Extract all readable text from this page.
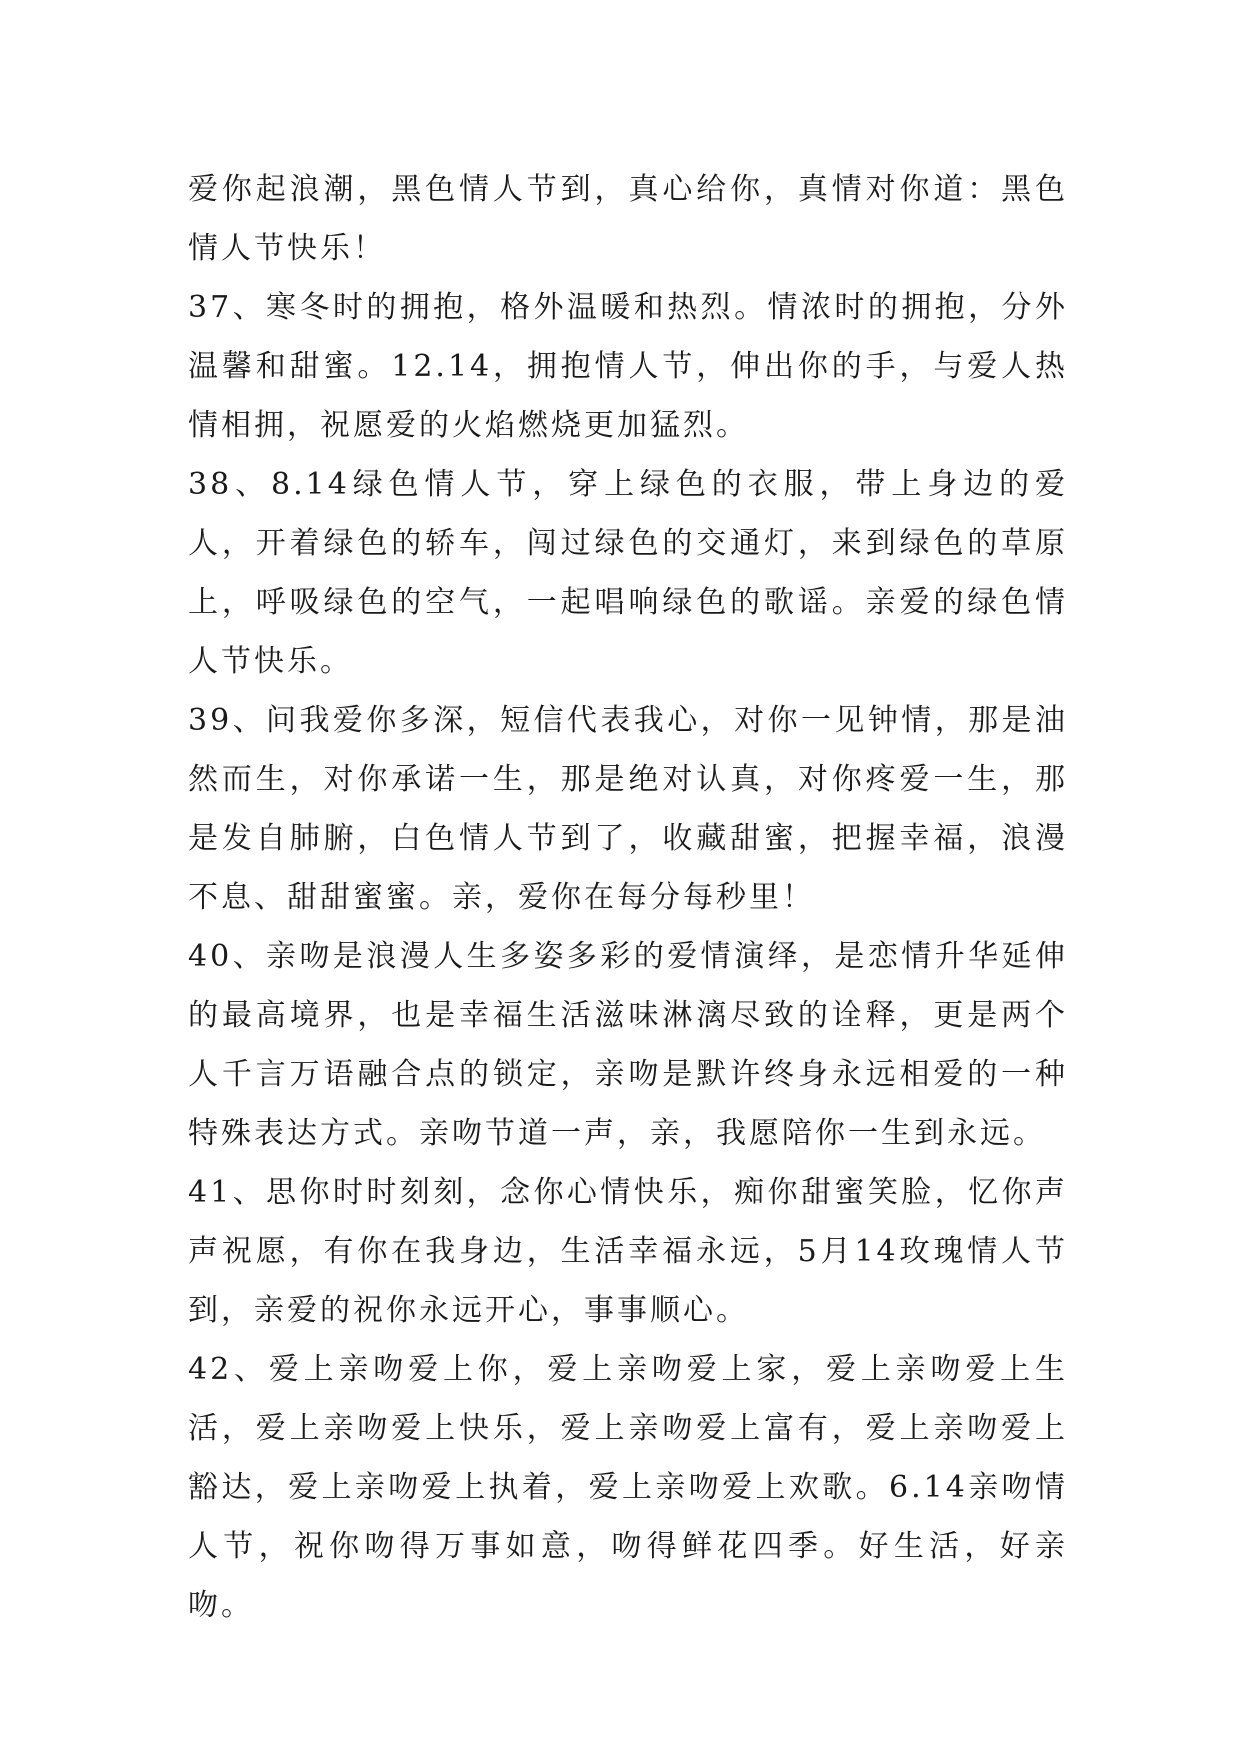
爱你起浪潮，黑色情人节到，真心给你，真情对你道：黑色情人节快乐！

37、寒冬时的拥抱，格外温暖和热烈。情浓时的拥抱，分外温馨和甜蜜。12.14，拥抱情人节，伸出你的手，与爱人热情相拥，祝愿爱的火焰燃烧更加猛烈。

38、8.14绿色情人节，穿上绿色的衣服，带上身边的爱人，开着绿色的轿车，闯过绿色的交通灯，来到绿色的草原上，呼吸绿色的空气，一起唱响绿色的歌谣。亲爱的绿色情人节快乐。

39、问我爱你多深，短信代表我心，对你一见钟情，那是油然而生，对你承诺一生，那是绝对认真，对你疼爱一生，那是发自肺腑，白色情人节到了，收藏甜蜜，把握幸福，浪漫不息、甜甜蜜蜜。亲，爱你在每分每秒里！

40、亲吻是浪漫人生多姿多彩的爱情演绎，是恋情升华延伸的最高境界，也是幸福生活滋味淋漓尽致的诠释，更是两个人千言万语融合点的锁定，亲吻是默许终身永远相爱的一种特殊表达方式。亲吻节道一声，亲，我愿陪你一生到永远。

41、思你时时刻刻，念你心情快乐，痴你甜蜜笑脸，忆你声声祝愿，有你在我身边，生活幸福永远，5月14玫瑰情人节到，亲爱的祝你永远开心，事事顺心。

42、爱上亲吻爱上你，爱上亲吻爱上家，爱上亲吻爱上生活，爱上亲吻爱上快乐，爱上亲吻爱上富有，爱上亲吻爱上豁达，爱上亲吻爱上执着，爱上亲吻爱上欢歌。6.14亲吻情人节，祝你吻得万事如意，吻得鲜花四季。好生活，好亲吻。
